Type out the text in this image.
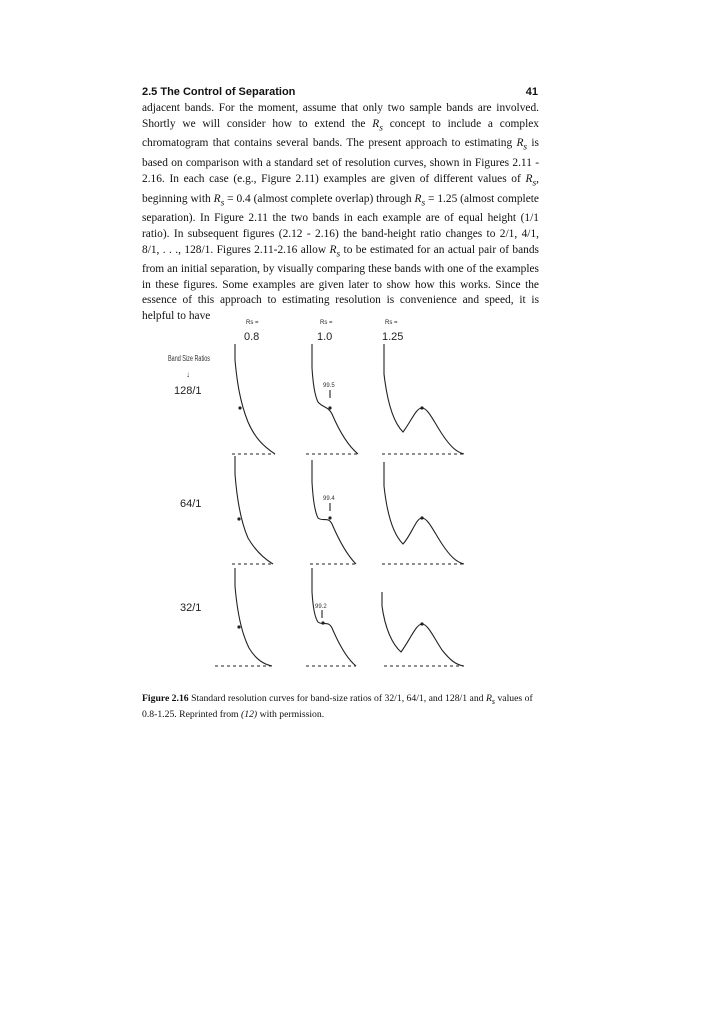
2.5 The Control of Separation	41

adjacent bands. For the moment, assume that only two sample bands are involved. Shortly we will consider how to extend the $R_s$ concept to include a complex chromatogram that contains several bands. The present approach to estimating $R_s$ is based on comparison with a standard set of resolution curves, shown in Figures 2.11 - 2.16. In each case (e.g., Figure 2.11) examples are given of different values of $R_s$, beginning with $R_s = 0.4$ (almost complete overlap) through $R_s = 1.25$ (almost complete separation). In Figure 2.11 the two bands in each example are of equal height (1/1 ratio). In subsequent figures (2.12 - 2.16) the band-height ratio changes to 2/1, 4/1, 8/1, . . ., 128/1. Figures 2.11-2.16 allow $R_s$ to be estimated for an actual pair of bands from an initial separation, by visually comparing these bands with one of the examples in these figures. Some examples are given later to show how this works. Since the essence of this approach to estimating resolution is convenience and speed, it is helpful to have

Rs =
0.8
Rs =
1.0
Rs =
1.25
Band Size Ratios
↓
128/1
64/1
32/1
99.5
99.4
99.2
Figure 2.16 Standard resolution curves for band-size ratios of 32/1, 64/1, and 128/1 and $R_s$ values of 0.8-1.25. Reprinted from (12) with permission.
